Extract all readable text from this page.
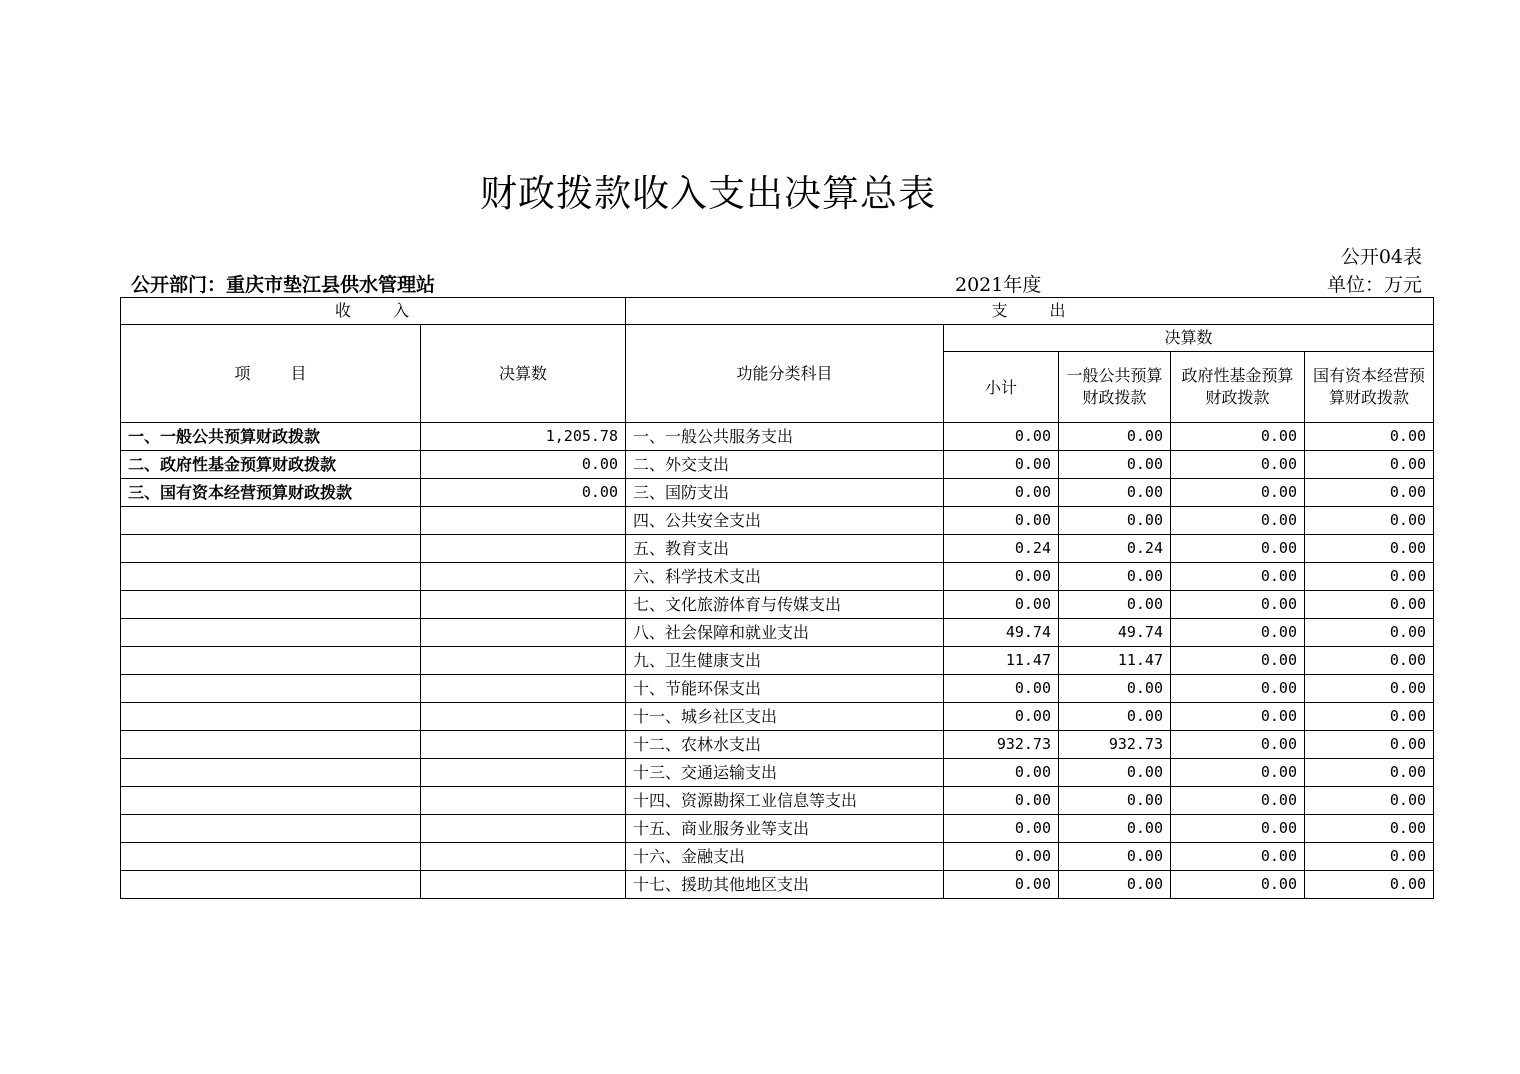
财政拨款收入支出决算总表
公开04表
公开部门：重庆市垫江县供水管理站	2021年度	单位：万元
收 入		支 出				
项 目	决算数	功能分类科目	决算数			
			小计	一般公共预算财政拨款	政府性基金预算财政拨款	国有资本经营预算财政拨款
一、一般公共预算财政拨款	1,205.78	一、一般公共服务支出	0.00	0.00	0.00	0.00
二、政府性基金预算财政拨款	0.00	二、外交支出	0.00	0.00	0.00	0.00
三、国有资本经营预算财政拨款	0.00	三、国防支出	0.00	0.00	0.00	0.00
		四、公共安全支出	0.00	0.00	0.00	0.00
		五、教育支出	0.24	0.24	0.00	0.00
		六、科学技术支出	0.00	0.00	0.00	0.00
		七、文化旅游体育与传媒支出	0.00	0.00	0.00	0.00
		八、社会保障和就业支出	49.74	49.74	0.00	0.00
		九、卫生健康支出	11.47	11.47	0.00	0.00
		十、节能环保支出	0.00	0.00	0.00	0.00
		十一、城乡社区支出	0.00	0.00	0.00	0.00
		十二、农林水支出	932.73	932.73	0.00	0.00
		十三、交通运输支出	0.00	0.00	0.00	0.00
		十四、资源勘探工业信息等支出	0.00	0.00	0.00	0.00
		十五、商业服务业等支出	0.00	0.00	0.00	0.00
		十六、金融支出	0.00	0.00	0.00	0.00
		十七、援助其他地区支出	0.00	0.00	0.00	0.00
